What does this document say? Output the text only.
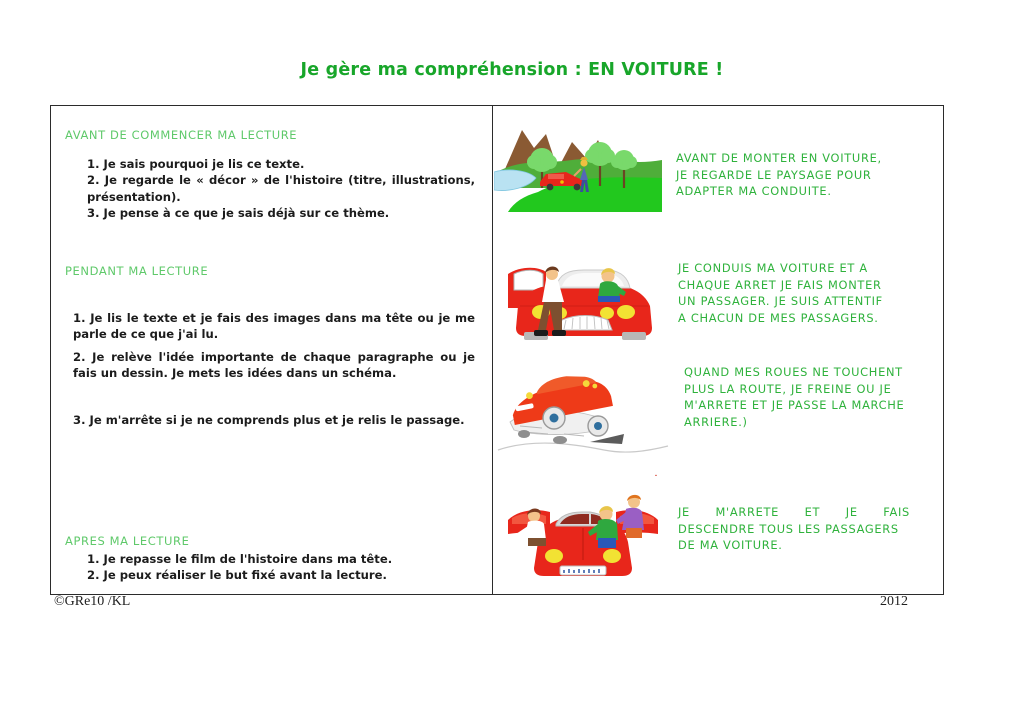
Je gère ma compréhension : EN VOITURE !
AVANT DE COMMENCER MA LECTURE
1. Je sais pourquoi je lis ce texte.
2. Je regarde le « décor » de l'histoire (titre, illustrations, présentation).
3. Je pense à ce que je sais déjà sur ce thème.
PENDANT MA LECTURE
1. Je lis le texte et je fais des images dans ma tête ou je me parle de ce que j'ai lu.
2. Je relève l'idée importante de chaque paragraphe ou je fais un dessin. Je mets les idées dans un schéma.
3. Je m'arrête si je ne comprends plus et je relis le passage.
APRES MA LECTURE
1. Je repasse le film de l'histoire dans ma tête.
2. Je peux réaliser le but fixé avant la lecture.
AVANT DE MONTER EN VOITURE,
JE REGARDE LE PAYSAGE POUR
ADAPTER MA CONDUITE.
JE CONDUIS MA VOITURE ET A
CHAQUE ARRET JE FAIS MONTER
UN PASSAGER. JE SUIS ATTENTIF
A CHACUN DE MES PASSAGERS.
QUAND MES ROUES NE TOUCHENT
PLUS LA ROUTE, JE FREINE OU JE
M'ARRETE ET JE PASSE LA MARCHE
ARRIERE.)
JE M'ARRETE ET JE FAIS
DESCENDRE TOUS LES PASSAGERS
DE MA VOITURE.
©GRe10 /KL	2012
